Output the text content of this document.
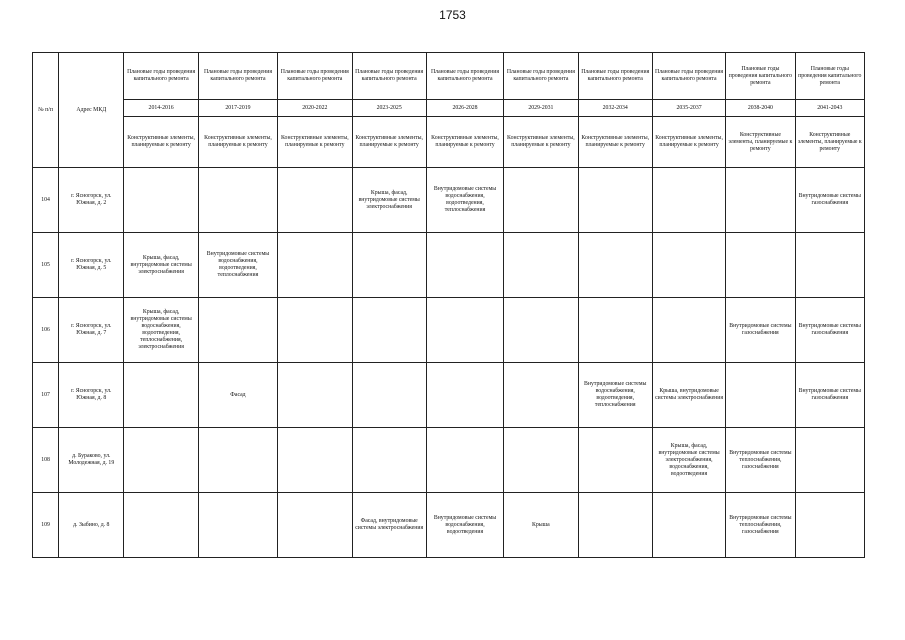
1753
№ п/п	Адрес МКД	Плановые годы проведения капитального ремонта	Плановые годы проведения капитального ремонта	Плановые годы проведения капитального ремонта	Плановые годы проведения капитального ремонта	Плановые годы проведения капитального ремонта	Плановые годы проведения капитального ремонта	Плановые годы проведения капитального ремонта	Плановые годы проведения капитального ремонта	Плановые годы проведения капитального ремонта	Плановые годы проведения капитального ремонта
		2014-2016	2017-2019	2020-2022	2023-2025	2026-2028	2029-2031	2032-2034	2035-2037	2038-2040	2041-2043
		Конструктивные элементы, планируемые к ремонту	Конструктивные элементы, планируемые к ремонту	Конструктивные элементы, планируемые к ремонту	Конструктивные элементы, планируемые к ремонту	Конструктивные элементы, планируемые к ремонту	Конструктивные элементы, планируемые к ремонту	Конструктивные элементы, планируемые к ремонту	Конструктивные элементы, планируемые к ремонту	Конструктивные элементы, планируемые к ремонту	Конструктивные элементы, планируемые к ремонту
104	г. Ясногорск, ул. Южная, д. 2				Крыша, фасад, внутридомовые системы электроснабжения	Внутридомовые системы водоснабжения, водоотведения, теплоснабжения					Внутридомовые системы газоснабжения
105	г. Ясногорск, ул. Южная, д. 5	Крыша, фасад, внутридомовые системы электроснабжения	Внутридомовые системы водоснабжения, водоотведения, теплоснабжения								
106	г. Ясногорск, ул. Южная, д. 7	Крыша, фасад, внутридомовые системы водоснабжения, водоотведения, теплоснабжения, электроснабжения								Внутридомовые системы газоснабжения	Внутридомовые системы газоснабжения
107	г. Ясногорск, ул. Южная, д. 8		Фасад					Внутридомовые системы водоснабжения, водоотведения, теплоснабжения	Крыша, внутридомовые системы электроснабжения		Внутридомовые системы газоснабжения
108	д. Бураково, ул. Молодежная, д. 19								Крыша, фасад, внутридомовые системы электроснабжения, водоснабжения, водоотведения	Внутридомовые системы теплоснабжения, газоснабжения	
109	д. Зыбино, д. 8				Фасад, внутридомовые системы электроснабжения	Внутридомовые системы водоснабжения, водоотведения	Крыша			Внутридомовые системы теплоснабжения, газоснабжения	
